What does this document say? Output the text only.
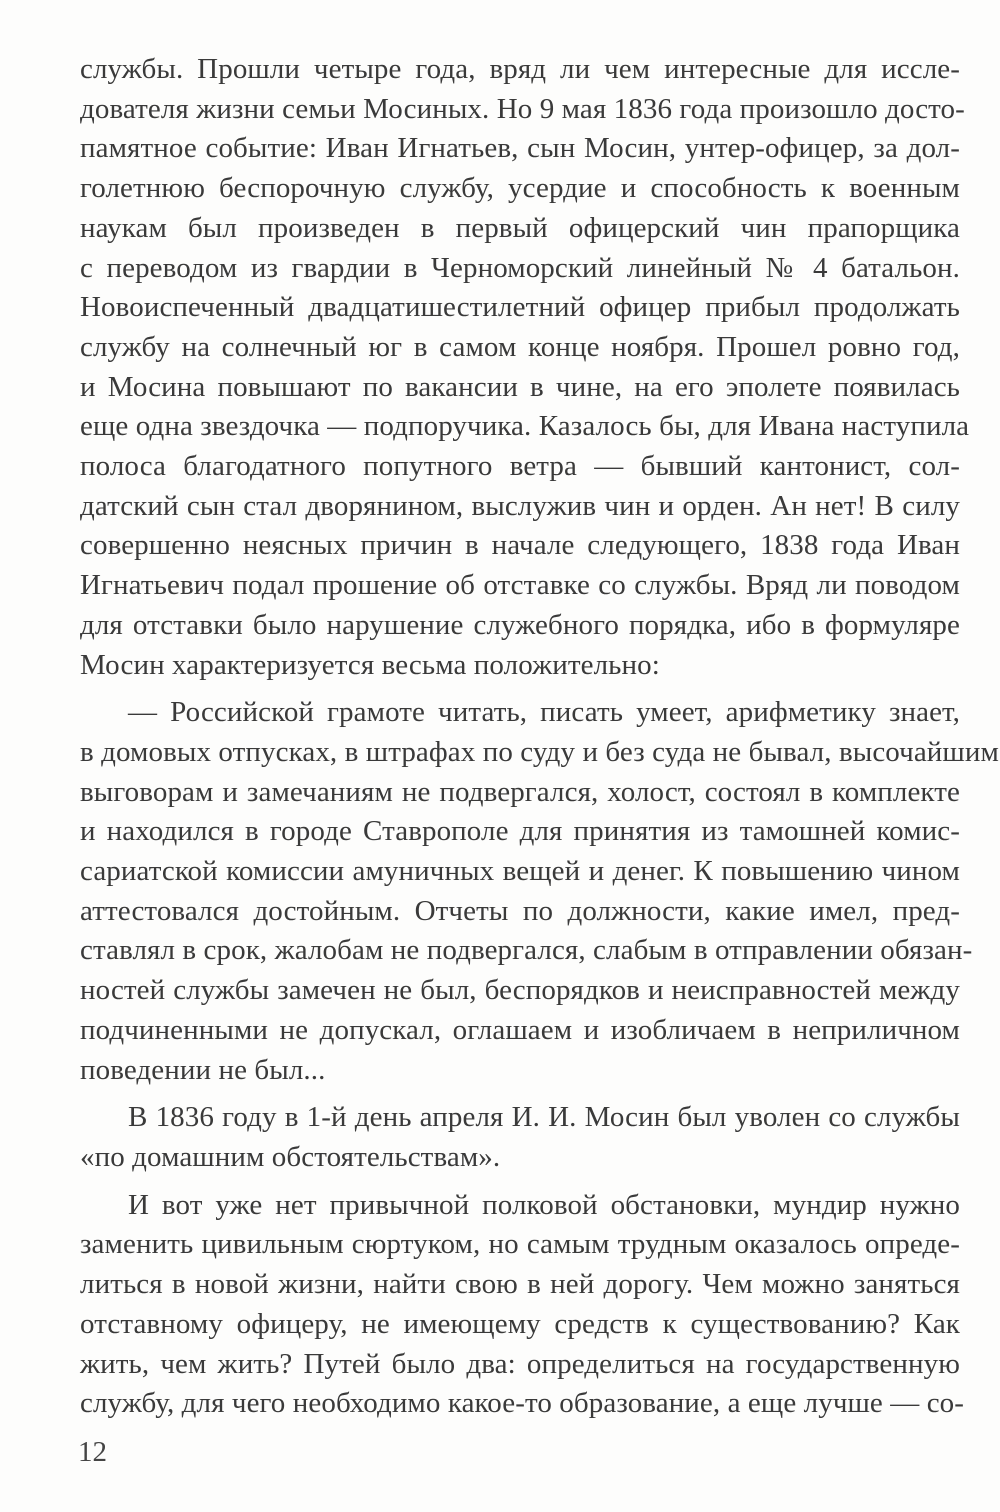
службы. Прошли четыре года, вряд ли чем интересные для иссле-
дователя жизни семьи Мосиных. Но 9 мая 1836 года произошло досто-
памятное событие: Иван Игнатьев, сын Мосин, унтер-офицер, за дол-
голетнюю беспорочную службу, усердие и способность к военным
наукам был произведен в первый офицерский чин прапорщика
с переводом из гвардии в Черноморский линейный № 4 батальон.
Новоиспеченный двадцатишестилетний офицер прибыл продолжать
службу на солнечный юг в самом конце ноября. Прошел ровно год,
и Мосина повышают по вакансии в чине, на его эполете появилась
еще одна звездочка — подпоручика. Казалось бы, для Ивана наступила
полоса благодатного попутного ветра — бывший кантонист, сол-
датский сын стал дворянином, выслужив чин и орден. Ан нет! В силу
совершенно неясных причин в начале следующего, 1838 года Иван
Игнатьевич подал прошение об отставке со службы. Вряд ли поводом
для отставки было нарушение служебного порядка, ибо в формуляре
Мосин характеризуется весьма положительно:
— Российской грамоте читать, писать умеет, арифметику знает,
в домовых отпусках, в штрафах по суду и без суда не бывал, высочайшим
выговорам и замечаниям не подвергался, холост, состоял в комплекте
и находился в городе Ставрополе для принятия из тамошней комис-
сариатской комиссии амуничных вещей и денег. К повышению чином
аттестовался достойным. Отчеты по должности, какие имел, пред-
ставлял в срок, жалобам не подвергался, слабым в отправлении обязан-
ностей службы замечен не был, беспорядков и неисправностей между
подчиненными не допускал, оглашаем и изобличаем в неприличном
поведении не был...
В 1836 году в 1-й день апреля И. И. Мосин был уволен со службы
«по домашним обстоятельствам».
И вот уже нет привычной полковой обстановки, мундир нужно
заменить цивильным сюртуком, но самым трудным оказалось опреде-
литься в новой жизни, найти свою в ней дорогу. Чем можно заняться
отставному офицеру, не имеющему средств к существованию? Как
жить, чем жить? Путей было два: определиться на государственную
службу, для чего необходимо какое-то образование, а еще лучше — со-
12
